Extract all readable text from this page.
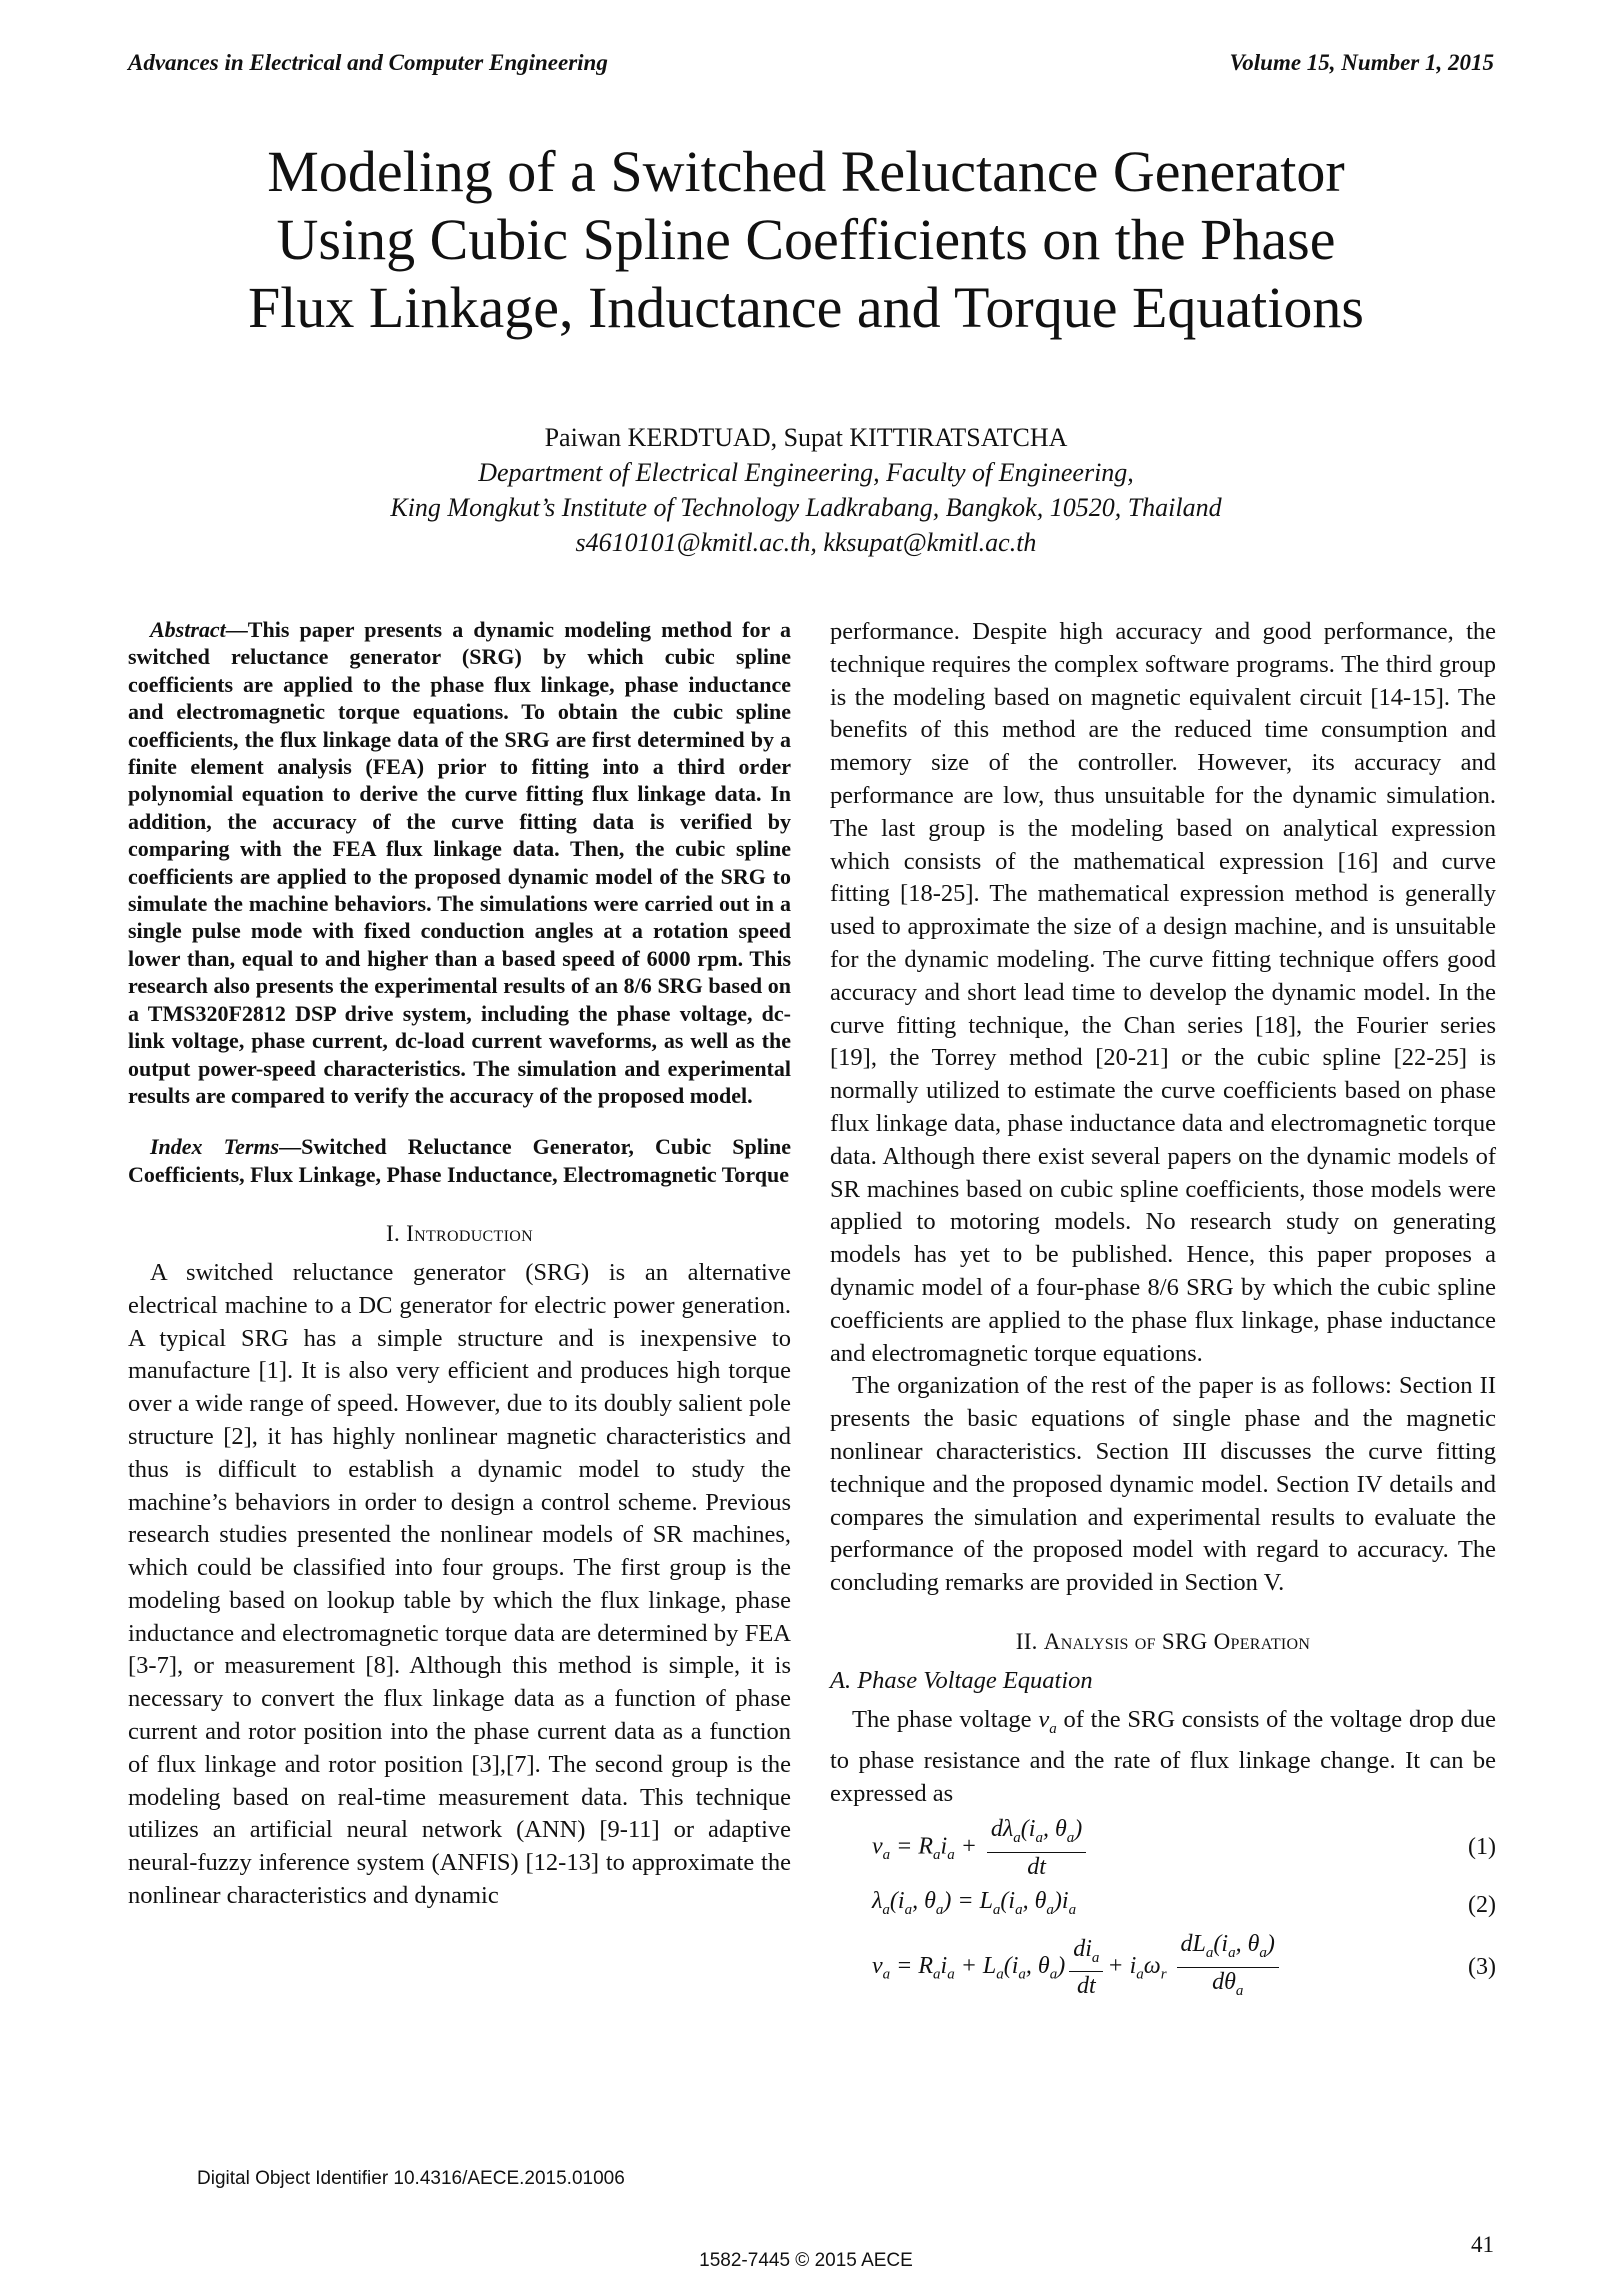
Advances in Electrical and Computer Engineering	Volume 15, Number 1, 2015
Modeling of a Switched Reluctance Generator
Using Cubic Spline Coefficients on the Phase
Flux Linkage, Inductance and Torque Equations
Paiwan KERDTUAD, Supat KITTIRATSATCHA
Department of Electrical Engineering, Faculty of Engineering,
King Mongkut’s Institute of Technology Ladkrabang, Bangkok, 10520, Thailand
s4610101@kmitl.ac.th, kksupat@kmitl.ac.th

Abstract—This paper presents a dynamic modeling method for a switched reluctance generator (SRG) by which cubic spline coefficients are applied to the phase flux linkage, phase inductance and electromagnetic torque equations. To obtain the cubic spline coefficients, the flux linkage data of the SRG are first determined by a finite element analysis (FEA) prior to fitting into a third order polynomial equation to derive the curve fitting flux linkage data. In addition, the accuracy of the curve fitting data is verified by comparing with the FEA flux linkage data. Then, the cubic spline coefficients are applied to the proposed dynamic model of the SRG to simulate the machine behaviors. The simulations were carried out in a single pulse mode with fixed conduction angles at a rotation speed lower than, equal to and higher than a based speed of 6000 rpm. This research also presents the experimental results of an 8/6 SRG based on a TMS320F2812 DSP drive system, including the phase voltage, dc-link voltage, phase current, dc-load current waveforms, as well as the output power-speed characteristics. The simulation and experimental results are compared to verify the accuracy of the proposed model.

Index Terms—Switched Reluctance Generator, Cubic Spline Coefficients, Flux Linkage, Phase Inductance, Electromagnetic Torque

I. Introduction

A switched reluctance generator (SRG) is an alternative electrical machine to a DC generator for electric power generation. A typical SRG has a simple structure and is inexpensive to manufacture [1]. It is also very efficient and produces high torque over a wide range of speed. However, due to its doubly salient pole structure [2], it has highly nonlinear magnetic characteristics and thus is difficult to establish a dynamic model to study the machine’s behaviors in order to design a control scheme. Previous research studies presented the nonlinear models of SR machines, which could be classified into four groups. The first group is the modeling based on lookup table by which the flux linkage, phase inductance and electromagnetic torque data are determined by FEA [3-7], or measurement [8]. Although this method is simple, it is necessary to convert the flux linkage data as a function of phase current and rotor position into the phase current data as a function of flux linkage and rotor position [3],[7]. The second group is the modeling based on real-time measurement data. This technique utilizes an artificial neural network (ANN) [9-11] or adaptive neural-fuzzy inference system (ANFIS) [12-13] to approximate the nonlinear characteristics and dynamic

performance. Despite high accuracy and good performance, the technique requires the complex software programs. The third group is the modeling based on magnetic equivalent circuit [14-15]. The benefits of this method are the reduced time consumption and memory size of the controller. However, its accuracy and performance are low, thus unsuitable for the dynamic simulation. The last group is the modeling based on analytical expression which consists of the mathematical expression [16] and curve fitting [18-25]. The mathematical expression method is generally used to approximate the size of a design machine, and is unsuitable for the dynamic modeling. The curve fitting technique offers good accuracy and short lead time to develop the dynamic model. In the curve fitting technique, the Chan series [18], the Fourier series [19], the Torrey method [20-21] or the cubic spline [22-25] is normally utilized to estimate the curve coefficients based on phase flux linkage data, phase inductance data and electromagnetic torque data. Although there exist several papers on the dynamic models of SR machines based on cubic spline coefficients, those models were applied to motoring models. No research study on generating models has yet to be published. Hence, this paper proposes a dynamic model of a four-phase 8/6 SRG by which the cubic spline coefficients are applied to the phase flux linkage, phase inductance and electromagnetic torque equations.

The organization of the rest of the paper is as follows: Section II presents the basic equations of single phase and the magnetic nonlinear characteristics. Section III discusses the curve fitting technique and the proposed dynamic model. Section IV details and compares the simulation and experimental results to evaluate the performance of the proposed model with regard to accuracy. The concluding remarks are provided in Section V.

II. Analysis of SRG Operation
A. Phase Voltage Equation

The phase voltage $v_a$ of the SRG consists of the voltage drop due to phase resistance and the rate of flux linkage change. It can be expressed as

$v_a = R_ai_a + \frac{d\lambda_a(i_a, \theta_a)}{dt}$	(1)
$\lambda_a(i_a$, $\theta_a) = L_a(i_a$, $\theta_a)i_a$	(2)
$v_a = R_ai_a + L_a(i_a$, $\theta_a) \frac{di_a}{dt} + i_a\omega_r \frac{dL_a(i_a, \theta_a)}{d\theta_a}$	(3)
Digital Object Identifier 10.4316/AECE.2015.01006
41
1582-7445 © 2015 AECE
